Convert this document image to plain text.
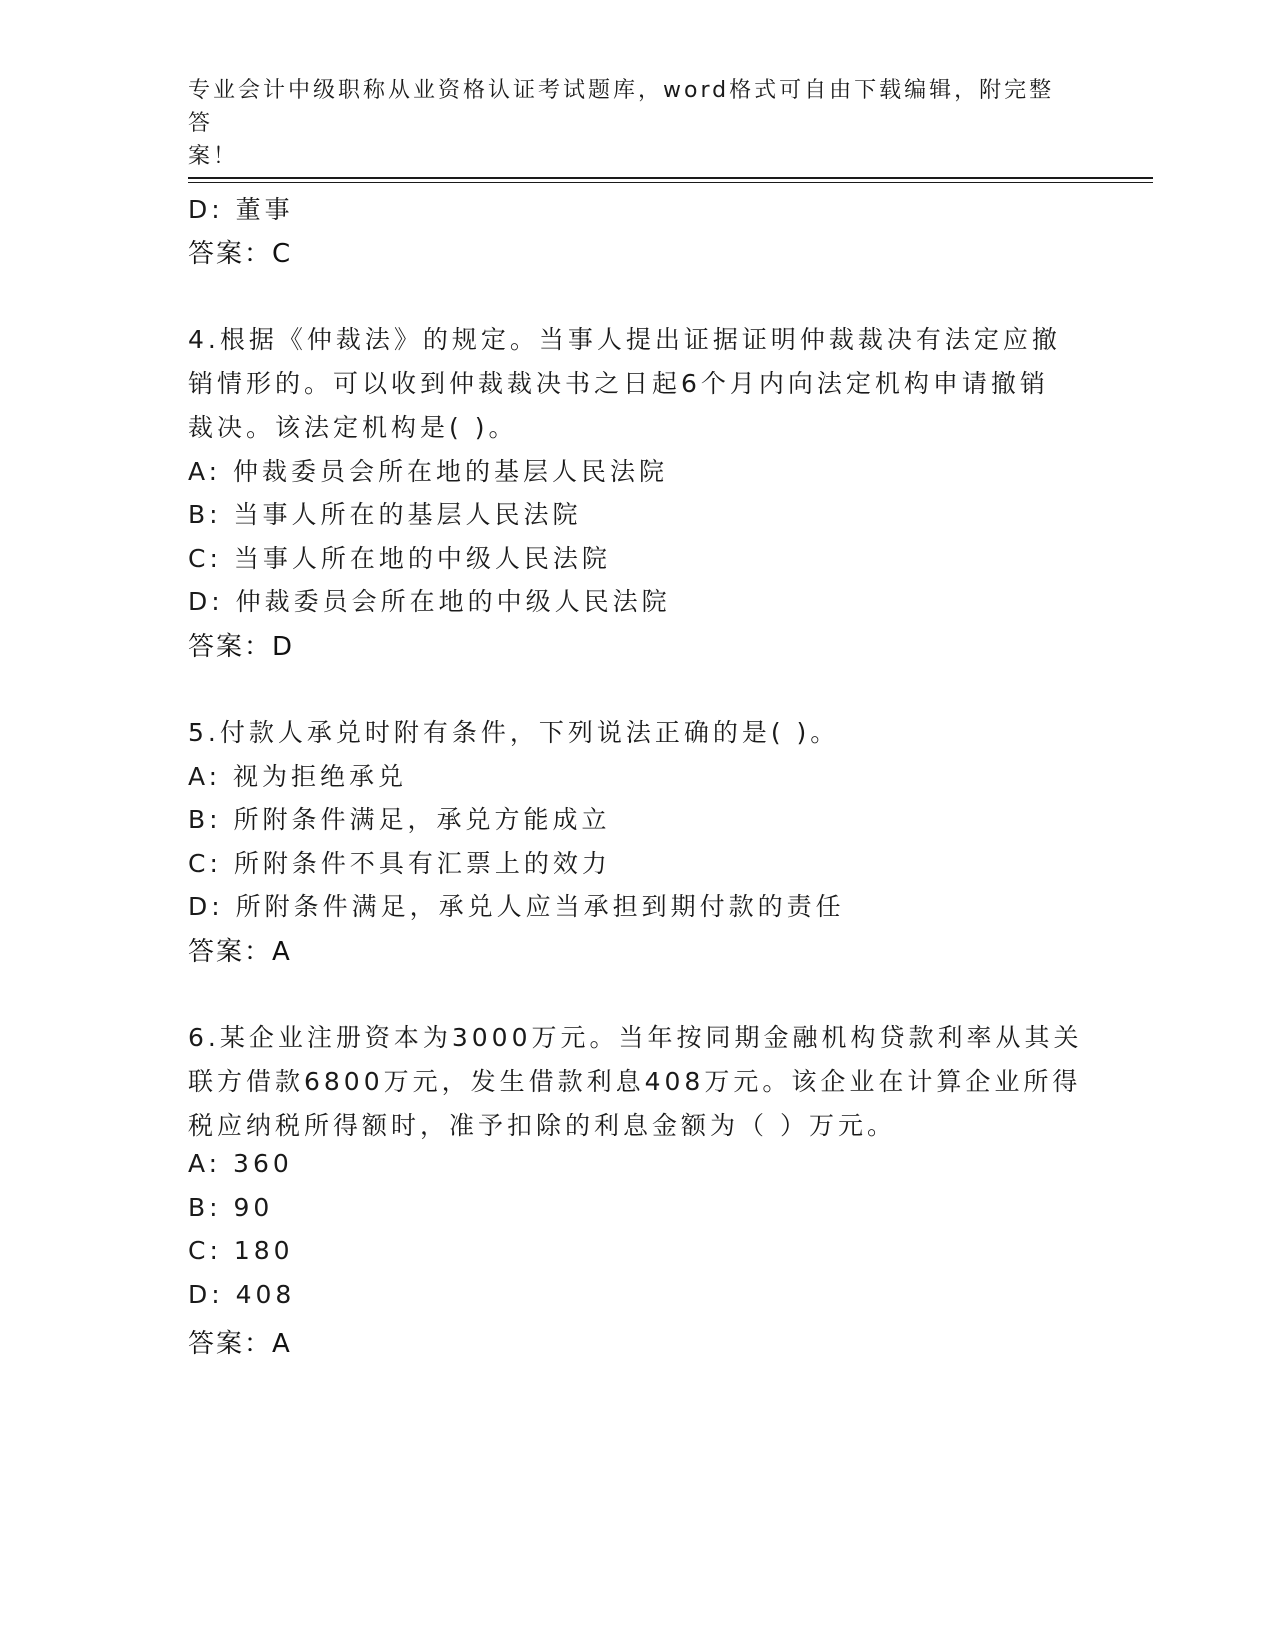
专业会计中级职称从业资格认证考试题库，word格式可自由下载编辑，附完整答
案！
D: 董事
答案：C
4.根据《仲裁法》的规定。当事人提出证据证明仲裁裁决有法定应撤
销情形的。可以收到仲裁裁决书之日起6个月内向法定机构申请撤销
裁决。该法定机构是( )。
A: 仲裁委员会所在地的基层人民法院
B: 当事人所在的基层人民法院
C: 当事人所在地的中级人民法院
D: 仲裁委员会所在地的中级人民法院
答案：D
5.付款人承兑时附有条件，下列说法正确的是( )。
A: 视为拒绝承兑
B: 所附条件满足，承兑方能成立
C: 所附条件不具有汇票上的效力
D: 所附条件满足，承兑人应当承担到期付款的责任
答案：A
6.某企业注册资本为3000万元。当年按同期金融机构贷款利率从其关
联方借款6800万元，发生借款利息408万元。该企业在计算企业所得
税应纳税所得额时，准予扣除的利息金额为（ ）万元。
A: 360
B: 90
C: 180
D: 408
答案：A
